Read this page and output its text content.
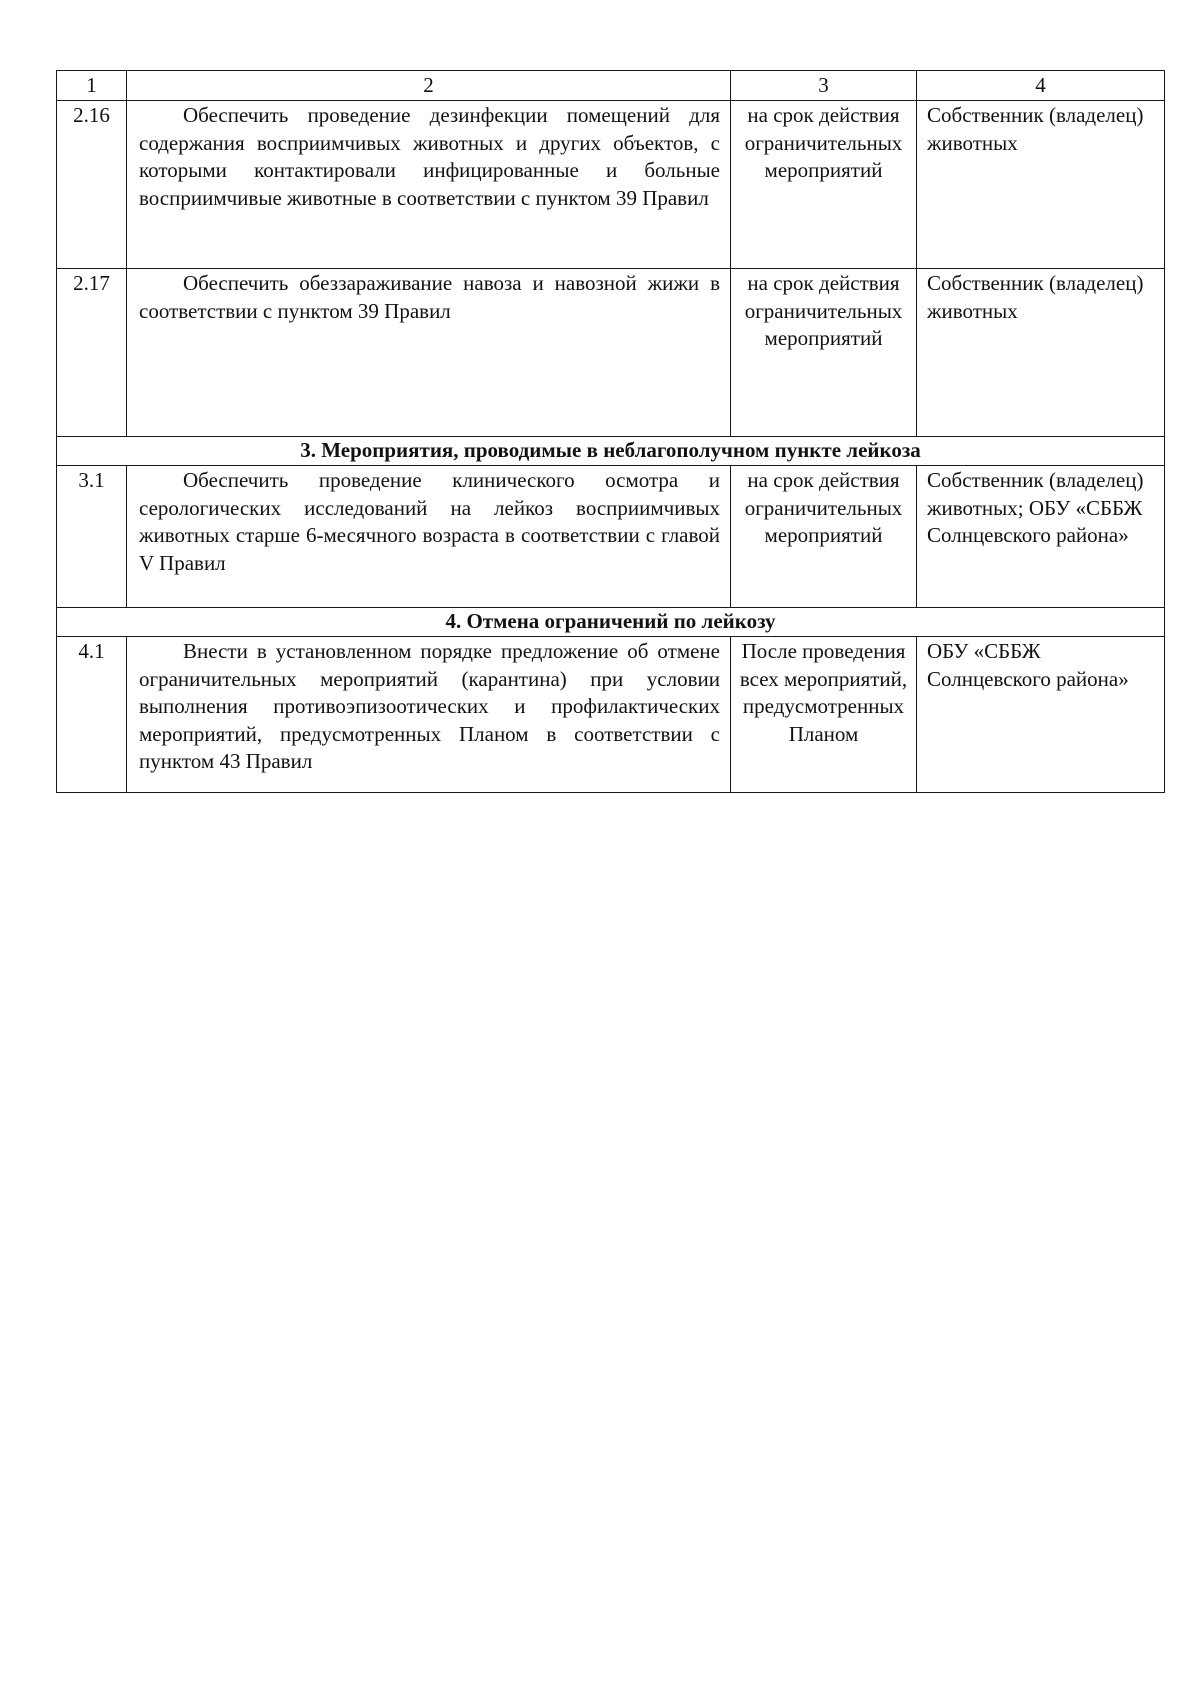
1	2	3	4
2.16	Обеспечить проведение дезинфекции помещений для содержания восприимчивых животных и других объектов, с которыми контактировали инфицированные и больные восприимчивые животные в соответствии с пунктом 39 Правил	на срок действия ограничительных мероприятий	Собственник (владелец) животных
2.17	Обеспечить обеззараживание навоза и навозной жижи в соответствии с пунктом 39 Правил	на срок действия ограничительных мероприятий	Собственник (владелец) животных
3. Мероприятия, проводимые в неблагополучном пункте лейкоза			
3.1	Обеспечить проведение клинического осмотра и серологических исследований на лейкоз восприимчивых животных старше 6-месячного возраста в соответствии с главой V Правил	на срок действия ограничительных мероприятий	Собственник (владелец) животных; ОБУ «СББЖ Солнцевского района»
4. Отмена ограничений по лейкозу			
4.1	Внести в установленном порядке предложение об отмене ограничительных мероприятий (карантина) при условии выполнения противоэпизоотических и профилактических мероприятий, предусмотренных Планом в соответствии с пунктом 43 Правил	После проведения всех мероприятий, предусмотренных Планом	ОБУ «СББЖ Солнцевского района»
